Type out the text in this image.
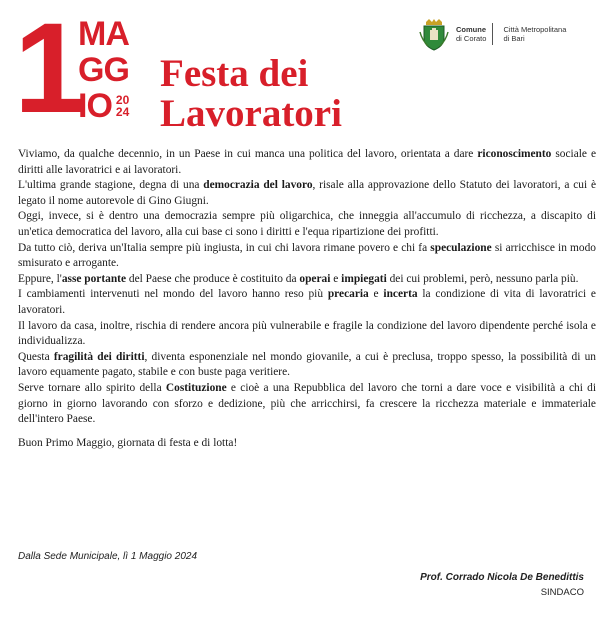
1
MA
GG
IO 20
24
Festa dei
Lavoratori
Comune
di Corato
Città Metropolitana
di Bari

Viviamo, da qualche decennio, in un Paese in cui manca una politica del lavoro, orientata a dare riconoscimento sociale e diritti alle lavoratrici e ai lavoratori.

L'ultima grande stagione, degna di una democrazia del lavoro, risale alla approvazione dello Statuto dei lavoratori, a cui è legato il nome autorevole di Gino Giugni.

Oggi, invece, si è dentro una democrazia sempre più oligarchica, che inneggia all'accumulo di ricchezza, a discapito di un'etica democratica del lavoro, alla cui base ci sono i diritti e l'equa ripartizione dei profitti.

Da tutto ciò, deriva un'Italia sempre più ingiusta, in cui chi lavora rimane povero e chi fa speculazione si arricchisce in modo smisurato e arrogante.

Eppure, l'asse portante del Paese che produce è costituito da operai e impiegati dei cui problemi, però, nessuno parla più.

I cambiamenti intervenuti nel mondo del lavoro hanno reso più precaria e incerta la condizione di vita di lavoratrici e lavoratori.

Il lavoro da casa, inoltre, rischia di rendere ancora più vulnerabile e fragile la condizione del lavoro dipendente perché isola e individualizza.

Questa fragilità dei diritti, diventa esponenziale nel mondo giovanile, a cui è preclusa, troppo spesso, la possibilità di un lavoro equamente pagato, stabile e con buste paga veritiere.

Serve tornare allo spirito della Costituzione e cioè a una Repubblica del lavoro che torni a dare voce e visibilità a chi di giorno in giorno lavorando con sforzo e dedizione, più che arricchirsi, fa crescere la ricchezza materiale e immateriale dell'intero Paese.

Buon Primo Maggio, giornata di festa e di lotta!

Dalla Sede Municipale, lì 1 Maggio 2024
Prof. Corrado Nicola De Benedittis
SINDACO
